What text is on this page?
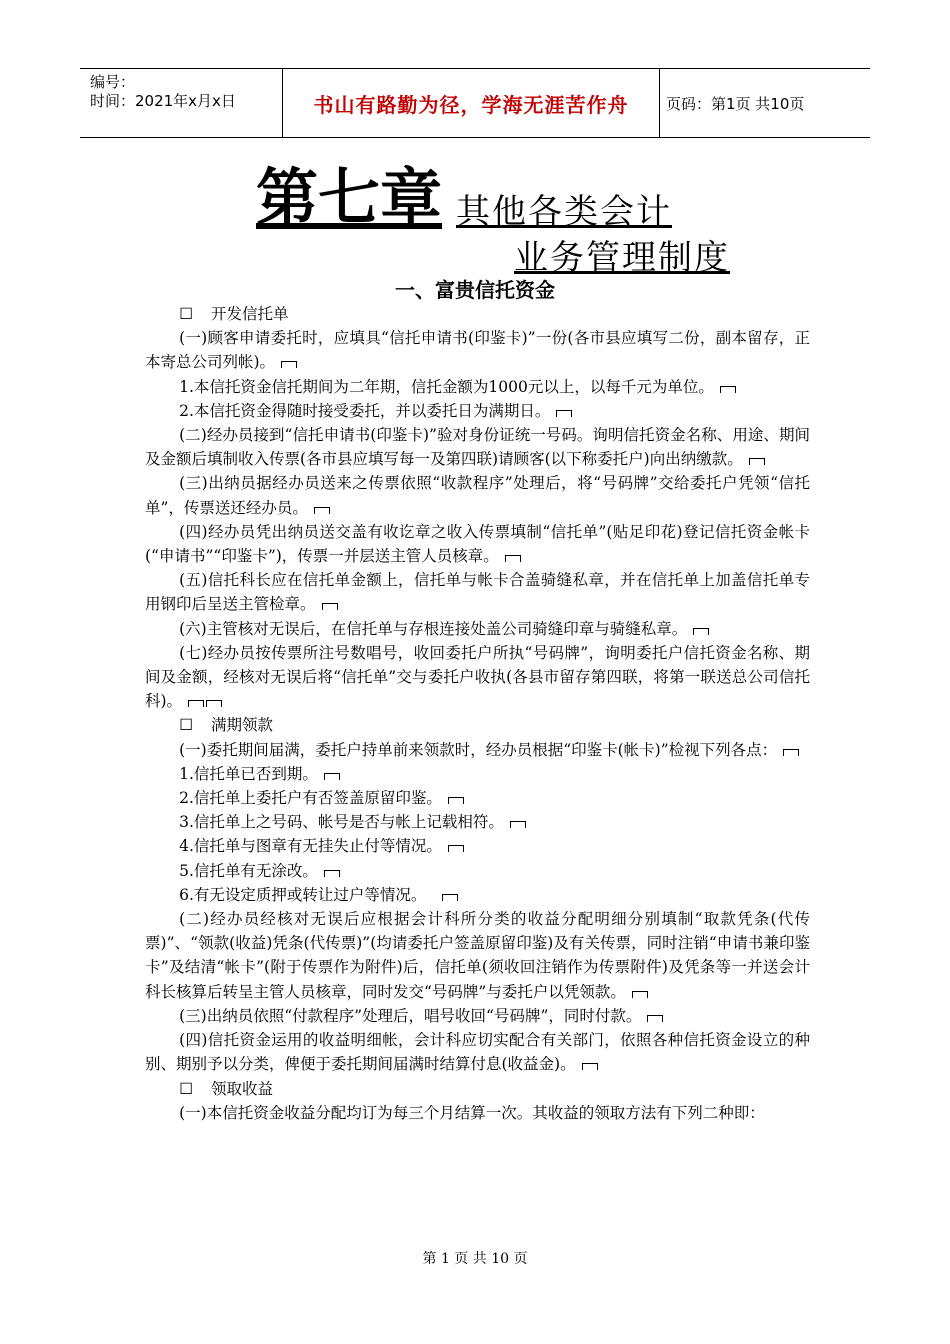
编号：
时间：2021年x月x日	书山有路勤为径，学海无涯苦作舟	页码：第1页 共10页
第七章 其他各类会计
业务管理制度
一、富贵信托资金

☐ 开发信托单

(一)顾客申请委托时，应填具“信托申请书(印鉴卡)”一份(各市县应填写二份，副本留存，正本寄总公司列帐)。

1.本信托资金信托期间为二年期，信托金额为1000元以上，以每千元为单位。

2.本信托资金得随时接受委托，并以委托日为满期日。

(二)经办员接到“信托申请书(印鉴卡)”验对身份证统一号码。询明信托资金名称、用途、期间及金额后填制收入传票(各市县应填写每一及第四联)请顾客(以下称委托户)向出纳缴款。

(三)出纳员据经办员送来之传票依照“收款程序”处理后，将“号码牌”交给委托户凭领“信托单”，传票送还经办员。

(四)经办员凭出纳员送交盖有收讫章之收入传票填制“信托单”(贴足印花)登记信托资金帐卡(“申请书”“印鉴卡”)，传票一并层送主管人员核章。

(五)信托科长应在信托单金额上，信托单与帐卡合盖骑缝私章，并在信托单上加盖信托单专用钢印后呈送主管检章。

(六)主管核对无误后，在信托单与存根连接处盖公司骑缝印章与骑缝私章。

(七)经办员按传票所注号数唱号，收回委托户所执“号码牌”，询明委托户信托资金名称、期间及金额，经核对无误后将“信托单”交与委托户收执(各县市留存第四联，将第一联送总公司信托科)。

☐ 满期领款

(一)委托期间届满，委托户持单前来领款时，经办员根据“印鉴卡(帐卡)”检视下列各点：

1.信托单已否到期。

2.信托单上委托户有否签盖原留印鉴。

3.信托单上之号码、帐号是否与帐上记载相符。

4.信托单与图章有无挂失止付等情况。

5.信托单有无涂改。

6.有无设定质押或转让过户等情况。

(二)经办员经核对无误后应根据会计科所分类的收益分配明细分别填制“取款凭条(代传票)”、“领款(收益)凭条(代传票)”(均请委托户签盖原留印鉴)及有关传票，同时注销“申请书兼印鉴卡”及结清“帐卡”(附于传票作为附件)后，信托单(须收回注销作为传票附件)及凭条等一并送会计科长核算后转呈主管人员核章，同时发交“号码牌”与委托户以凭领款。

(三)出纳员依照“付款程序”处理后，唱号收回“号码牌”，同时付款。

(四)信托资金运用的收益明细帐，会计科应切实配合有关部门，依照各种信托资金设立的种别、期别予以分类，俾便于委托期间届满时结算付息(收益金)。

☐ 领取收益

(一)本信托资金收益分配均订为每三个月结算一次。其收益的领取方法有下列二种即：

第 1 页 共 10 页
